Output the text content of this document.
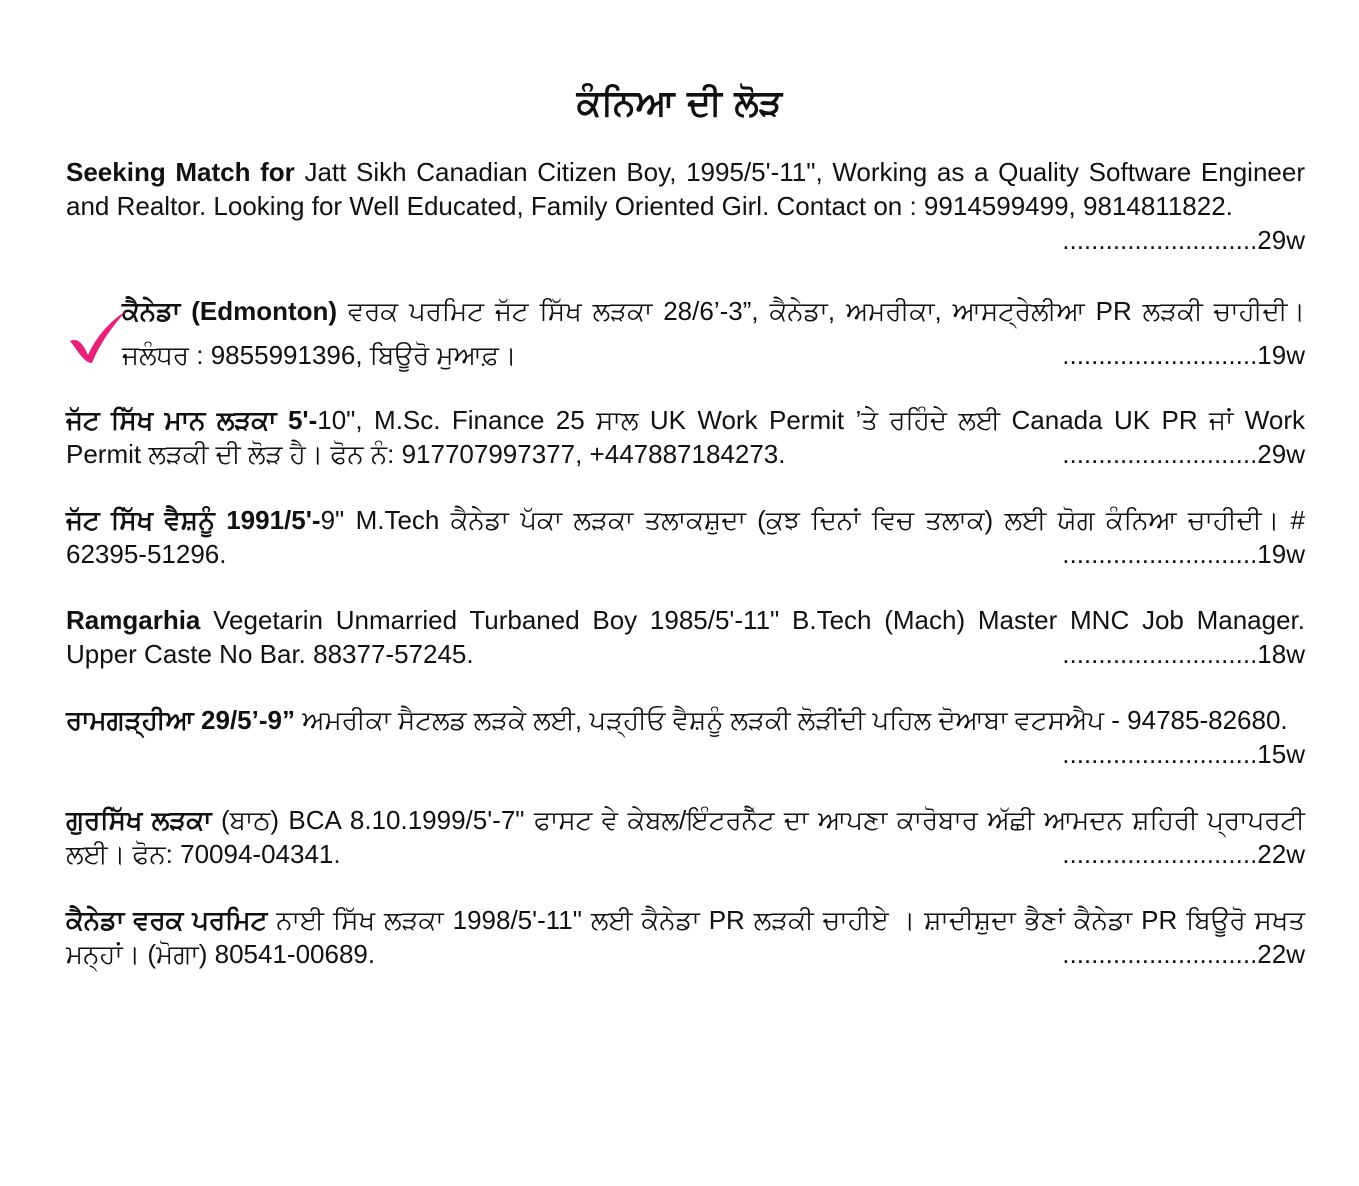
ਕੰਨਿਆ ਦੀ ਲੋੜ
Seeking Match for Jatt Sikh Canadian Citizen Boy, 1995/5'-11", Working as a Quality Software Engineer and Realtor. Looking for Well Educated, Family Oriented Girl. Contact on : 9914599499, 9814811822.
...........................29w
ਕੈਨੇਡਾ (Edmonton) ਵਰਕ ਪਰਮਿਟ ਜੱਟ ਸਿੱਖ ਲੜਕਾ 28/6’-3”, ਕੈਨੇਡਾ, ਅਮਰੀਕਾ, ਆਸਟ੍ਰੇਲੀਆ PR ਲੜਕੀ ਚਾਹੀਦੀ। ਜਲੰਧਰ : 9855991396, ਬਿਊਰੋ ਮੁਆਫ਼।	...........................19w
ਜੱਟ ਸਿੱਖ ਮਾਨ ਲੜਕਾ 5'-10", M.Sc. Finance 25 ਸਾਲ UK Work Permit ’ਤੇ ਰਹਿੰਦੇ ਲਈ Canada UK PR ਜਾਂ Work Permit ਲੜਕੀ ਦੀ ਲੋੜ ਹੈ। ਫੋਨ ਨੰ: 917707997377, +447887184273.	...........................29w
ਜੱਟ ਸਿੱਖ ਵੈਸ਼ਨੂੰ 1991/5'-9" M.Tech ਕੈਨੇਡਾ ਪੱਕਾ ਲੜਕਾ ਤਲਾਕਸ਼ੁਦਾ (ਕੁਝ ਦਿਨਾਂ ਵਿਚ ਤਲਾਕ) ਲਈ ਯੋਗ ਕੰਨਿਆ ਚਾਹੀਦੀ। # 62395-51296.	...........................19w
Ramgarhia Vegetarin Unmarried Turbaned Boy 1985/5'-11" B.Tech (Mach) Master MNC Job Manager. Upper Caste No Bar. 88377-57245.	...........................18w
ਰਾਮਗੜ੍ਹੀਆ 29/5’-9” ਅਮਰੀਕਾ ਸੈਟਲਡ ਲੜਕੇ ਲਈ, ਪੜ੍ਹੀਓ ਵੈਸ਼ਨੂੰ ਲੜਕੀ ਲੋੜੀਂਦੀ ਪਹਿਲ ਦੋਆਬਾ ਵਟਸਐਪ - 94785-82680.
...........................15w
ਗੁਰਸਿੱਖ ਲੜਕਾ (ਬਾਠ) BCA 8.10.1999/5'-7" ਫਾਸਟ ਵੇ ਕੇਬਲ/ਇੰਟਰਨੈੱਟ ਦਾ ਆਪਣਾ ਕਾਰੋਬਾਰ ਅੱਛੀ ਆਮਦਨ ਸ਼ਹਿਰੀ ਪ੍ਰਾਪਰਟੀ ਲਈ। ਫੋਨ: 70094-04341.	...........................22w
ਕੈਨੇਡਾ ਵਰਕ ਪਰਮਿਟ ਨਾਈ ਸਿੱਖ ਲੜਕਾ 1998/5'-11" ਲਈ ਕੈਨੇਡਾ PR ਲੜਕੀ ਚਾਹੀਏ । ਸ਼ਾਦੀਸ਼ੁਦਾ ਭੈਣਾਂ ਕੈਨੇਡਾ PR ਬਿਊਰੋ ਸਖਤ ਮਨ੍ਹਾਂ। (ਮੋਗਾ) 80541-00689.	...........................22w
